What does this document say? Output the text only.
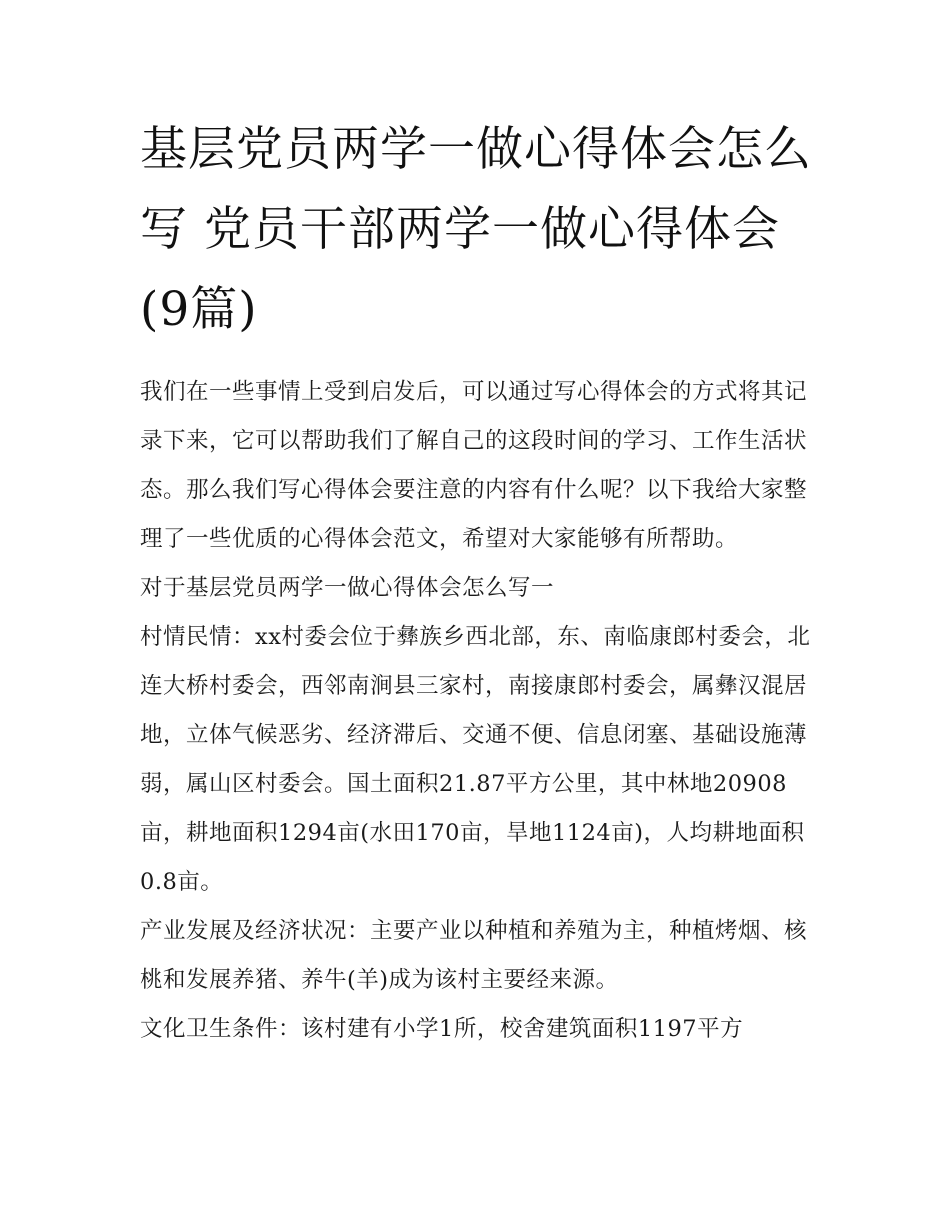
基层党员两学一做心得体会怎么写 党员干部两学一做心得体会(9篇)

我们在一些事情上受到启发后，可以通过写心得体会的方式将其记录下来，它可以帮助我们了解自己的这段时间的学习、工作生活状态。那么我们写心得体会要注意的内容有什么呢？以下我给大家整理了一些优质的心得体会范文，希望对大家能够有所帮助。

对于基层党员两学一做心得体会怎么写一

村情民情：xx村委会位于彝族乡西北部，东、南临康郎村委会，北连大桥村委会，西邻南涧县三家村，南接康郎村委会，属彝汉混居地，立体气候恶劣、经济滞后、交通不便、信息闭塞、基础设施薄弱，属山区村委会。国土面积21.87平方公里，其中林地20908亩，耕地面积1294亩(水田170亩，旱地1124亩)，人均耕地面积0.8亩。

产业发展及经济状况：主要产业以种植和养殖为主，种植烤烟、核桃和发展养猪、养牛(羊)成为该村主要经来源。

文化卫生条件：该村建有小学1所，校舍建筑面积1197平方
